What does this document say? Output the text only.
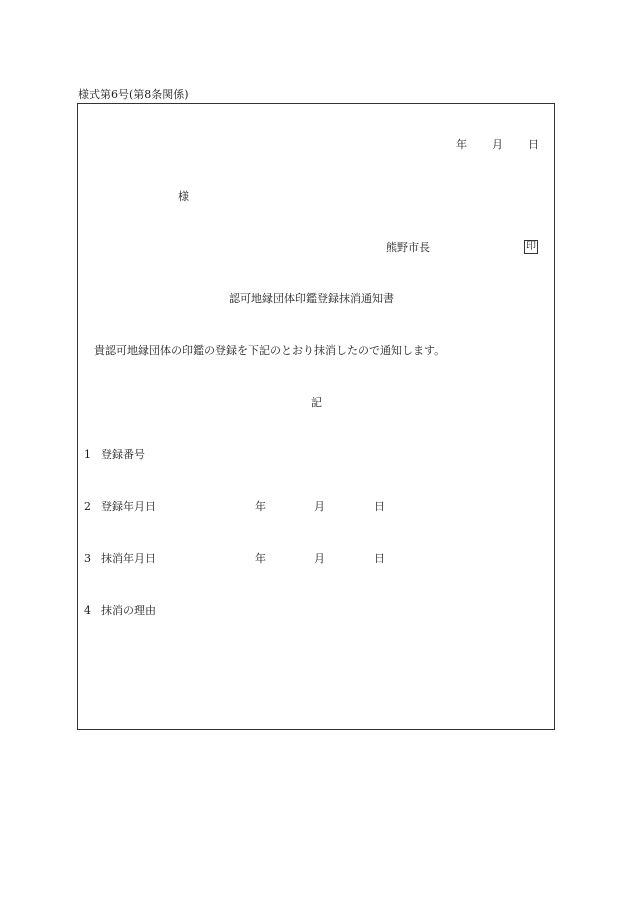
様式第6号(第8条関係)
年 月 日
様
熊野市長	印
認可地縁団体印鑑登録抹消通知書
貴認可地縁団体の印鑑の登録を下記のとおり抹消したので通知します。
記
1 登録番号
2 登録年月日	年	月	日
3 抹消年月日	年	月	日
4 抹消の理由
